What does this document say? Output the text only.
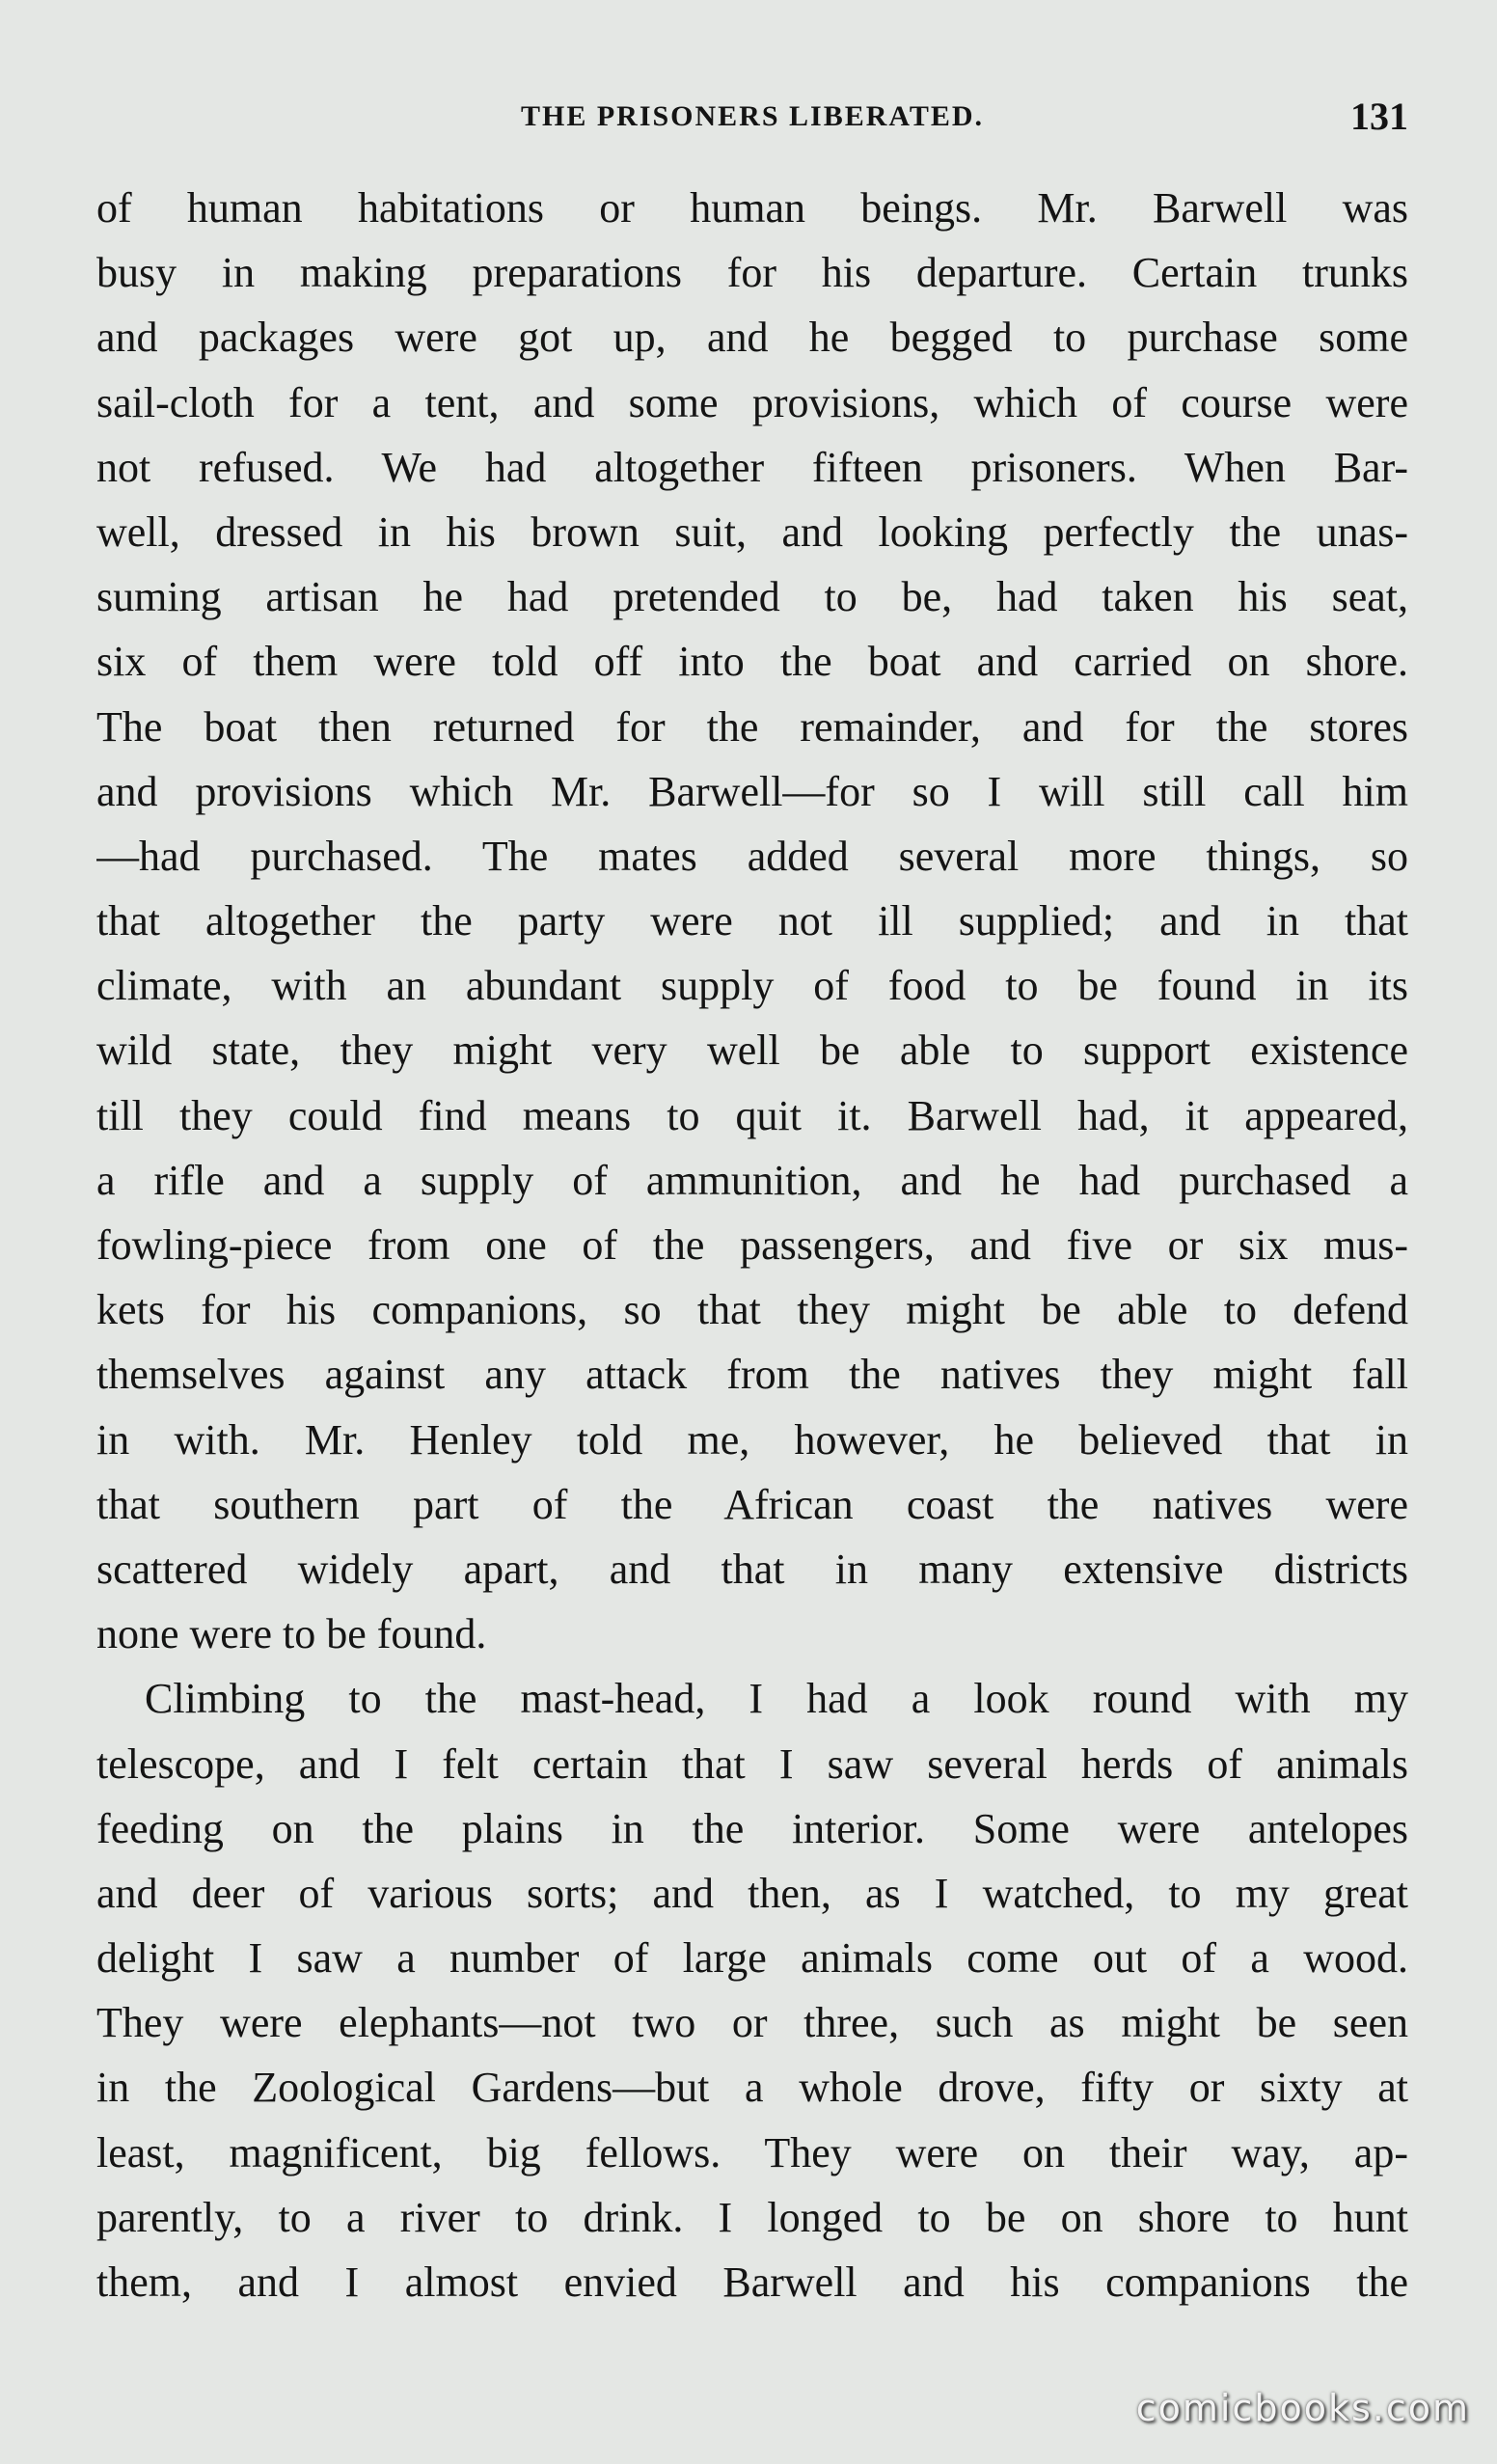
THE PRISONERS LIBERATED.	131
of human habitations or human beings. Mr. Barwell was
busy in making preparations for his departure. Certain trunks
and packages were got up, and he begged to purchase some
sail-cloth for a tent, and some provisions, which of course were
not refused. We had altogether fifteen prisoners. When Bar-
well, dressed in his brown suit, and looking perfectly the unas-
suming artisan he had pretended to be, had taken his seat,
six of them were told off into the boat and carried on shore.
The boat then returned for the remainder, and for the stores
and provisions which Mr. Barwell—for so I will still call him
—had purchased. The mates added several more things, so
that altogether the party were not ill supplied; and in that
climate, with an abundant supply of food to be found in its
wild state, they might very well be able to support existence
till they could find means to quit it. Barwell had, it appeared,
a rifle and a supply of ammunition, and he had purchased a
fowling-piece from one of the passengers, and five or six mus-
kets for his companions, so that they might be able to defend
themselves against any attack from the natives they might fall
in with. Mr. Henley told me, however, he believed that in
that southern part of the African coast the natives were
scattered widely apart, and that in many extensive districts
none were to be found.
Climbing to the mast-head, I had a look round with my
telescope, and I felt certain that I saw several herds of animals
feeding on the plains in the interior. Some were antelopes
and deer of various sorts; and then, as I watched, to my great
delight I saw a number of large animals come out of a wood.
They were elephants—not two or three, such as might be seen
in the Zoological Gardens—but a whole drove, fifty or sixty at
least, magnificent, big fellows. They were on their way, ap-
parently, to a river to drink. I longed to be on shore to hunt
them, and I almost envied Barwell and his companions the
comicbooks.com
